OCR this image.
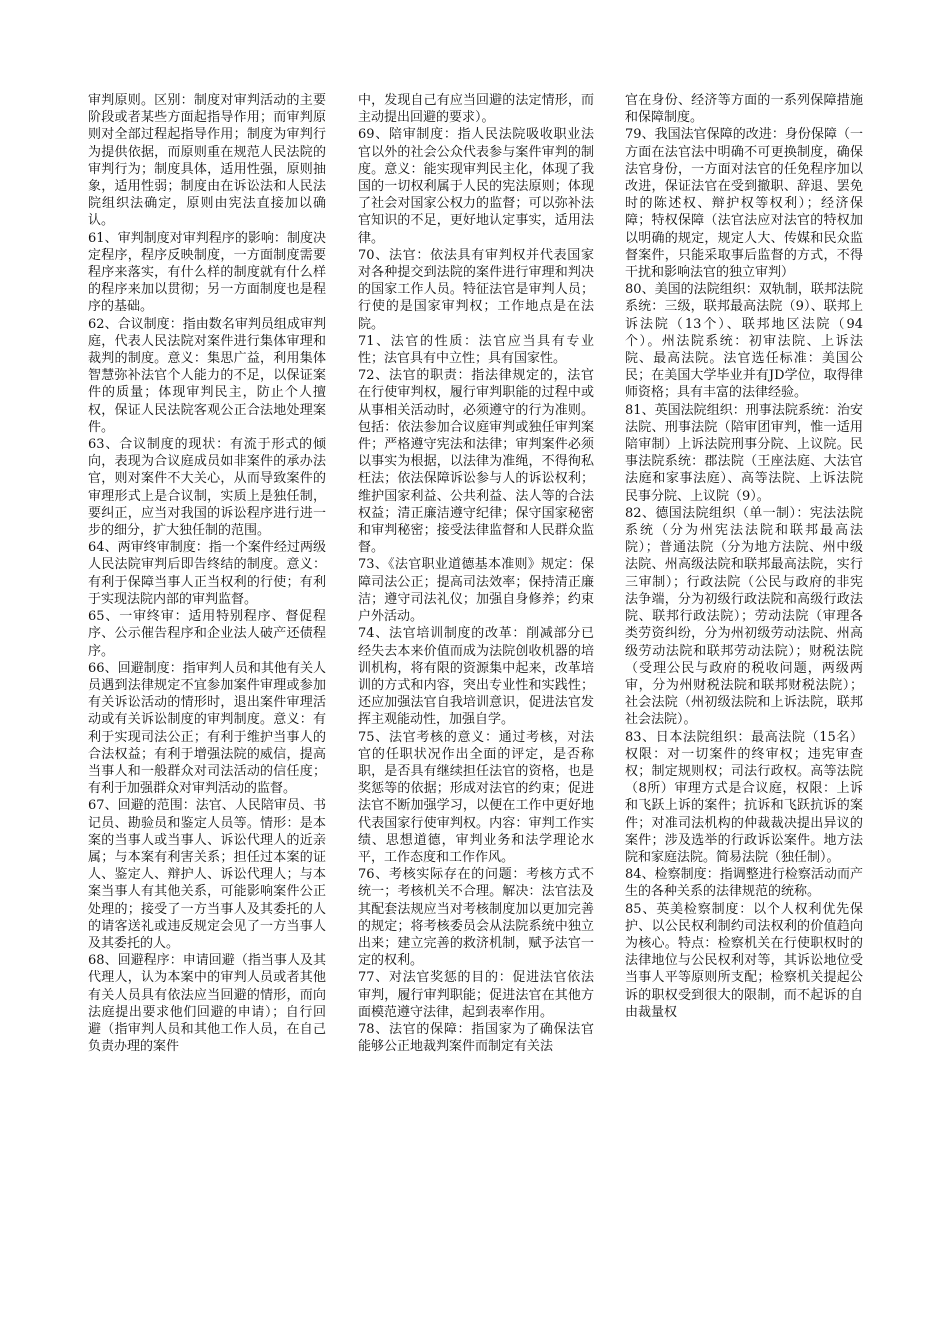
审判原则。区别：制度对审判活动的主要阶段或者某些方面起指导作用；而审判原则对全部过程起指导作用；制度为审判行为提供依据，而原则重在规范人民法院的审判行为；制度具体，适用性强，原则抽象，适用性弱；制度由在诉讼法和人民法院组织法确定，原则由宪法直接加以确认。

61、审判制度对审判程序的影响：制度决定程序，程序反映制度，一方面制度需要程序来落实，有什么样的制度就有什么样的程序来加以贯彻；另一方面制度也是程序的基础。

62、合议制度：指由数名审判员组成审判庭，代表人民法院对案件进行集体审理和裁判的制度。意义：集思广益，利用集体智慧弥补法官个人能力的不足，以保证案件的质量；体现审判民主，防止个人擅权，保证人民法院客观公正合法地处理案件。

63、合议制度的现状：有流于形式的倾向，表现为合议庭成员如非案件的承办法官，则对案件不大关心，从而导致案件的审理形式上是合议制，实质上是独任制，要纠正，应当对我国的诉讼程序进行进一步的细分，扩大独任制的范围。

64、两审终审制度：指一个案件经过两级人民法院审判后即告终结的制度。意义：有利于保障当事人正当权利的行使；有利于实现法院内部的审判监督。

65、一审终审：适用特别程序、督促程序、公示催告程序和企业法人破产还债程序。

66、回避制度：指审判人员和其他有关人员遇到法律规定不宜参加案件审理或参加有关诉讼活动的情形时，退出案件审理活动或有关诉讼制度的审判制度。意义：有利于实现司法公正；有利于维护当事人的合法权益；有利于增强法院的威信，提高当事人和一般群众对司法活动的信任度；有利于加强群众对审判活动的监督。

67、回避的范围：法官、人民陪审员、书记员、勘验员和鉴定人员等。情形：是本案的当事人或当事人、诉讼代理人的近亲属；与本案有利害关系；担任过本案的证人、鉴定人、辩护人、诉讼代理人；与本案当事人有其他关系，可能影响案件公正处理的；接受了一方当事人及其委托的人的请客送礼或违反规定会见了一方当事人及其委托的人。

68、回避程序：申请回避（指当事人及其代理人，认为本案中的审判人员或者其他有关人员具有依法应当回避的情形，而向法庭提出要求他们回避的申请）；自行回避（指审判人员和其他工作人员，在自己负责办理的案件

中，发现自己有应当回避的法定情形，而主动提出回避的要求）。

69、陪审制度：指人民法院吸收职业法官以外的社会公众代表参与案件审判的制度。意义：能实现审判民主化，体现了我国的一切权利属于人民的宪法原则；体现了社会对国家公权力的监督；可以弥补法官知识的不足，更好地认定事实，适用法律。

70、法官：依法具有审判权并代表国家对各种提交到法院的案件进行审理和判决的国家工作人员。特征法官是审判人员；行使的是国家审判权；工作地点是在法院。

71、法官的性质：法官应当具有专业性；法官具有中立性；具有国家性。

72、法官的职责：指法律规定的，法官在行使审判权，履行审判职能的过程中或从事相关活动时，必须遵守的行为准则。包括：依法参加合议庭审判或独任审判案件；严格遵守宪法和法律；审判案件必须以事实为根据，以法律为准绳，不得徇私枉法；依法保障诉讼参与人的诉讼权利；维护国家利益、公共利益、法人等的合法权益；清正廉洁遵守纪律；保守国家秘密和审判秘密；接受法律监督和人民群众监督。

73、《法官职业道德基本准则》规定：保障司法公正；提高司法效率；保持清正廉洁；遵守司法礼仪；加强自身修养；约束户外活动。

74、法官培训制度的改革：削减部分已经失去本来价值而成为法院创收机器的培训机构，将有限的资源集中起来，改革培训的方式和内容，突出专业性和实践性；还应加强法官自我培训意识，促进法官发挥主观能动性，加强自学。

75、法官考核的意义：通过考核，对法官的任职状况作出全面的评定，是否称职，是否具有继续担任法官的资格，也是奖惩等的依据；形成对法官的约束；促进法官不断加强学习，以便在工作中更好地代表国家行使审判权。内容：审判工作实绩、思想道德，审判业务和法学理论水平，工作态度和工作作风。

76、考核实际存在的问题：考核方式不统一；考核机关不合理。解决：法官法及其配套法规应当对考核制度加以更加完善的规定；将考核委员会从法院系统中独立出来；建立完善的救济机制，赋予法官一定的权利。

77、对法官奖惩的目的：促进法官依法审判，履行审判职能；促进法官在其他方面模范遵守法律，起到表率作用。

78、法官的保障：指国家为了确保法官能够公正地裁判案件而制定有关法

官在身份、经济等方面的一系列保障措施和保障制度。

79、我国法官保障的改进：身份保障（一方面在法官法中明确不可更换制度，确保法官身份，一方面对法官的任免程序加以改进，保证法官在受到撤职、辞退、罢免时的陈述权、辩护权等权利）；经济保障；特权保障（法官法应对法官的特权加以明确的规定，规定人大、传媒和民众监督案件，只能采取事后监督的方式，不得干扰和影响法官的独立审判）

80、美国的法院组织：双轨制，联邦法院系统：三级，联邦最高法院（9）、联邦上诉法院（13个）、联邦地区法院（94个）。州法院系统：初审法院、上诉法院、最高法院。法官选任标准：美国公民；在美国大学毕业并有JD学位，取得律师资格；具有丰富的法律经验。

81、英国法院组织：刑事法院系统：治安法院、刑事法院（陪审团审判，惟一适用陪审制）上诉法院刑事分院、上议院。民事法院系统：郡法院（王座法庭、大法官法庭和家事法庭）、高等法院、上诉法院民事分院、上议院（9）。

82、德国法院组织（单一制）：宪法法院系统（分为州宪法法院和联邦最高法院）；普通法院（分为地方法院、州中级法院、州高级法院和联邦最高法院，实行三审制）；行政法院（公民与政府的非宪法争端，分为初级行政法院和高级行政法院、联邦行政法院）；劳动法院（审理各类劳资纠纷，分为州初级劳动法院、州高级劳动法院和联邦劳动法院）；财税法院（受理公民与政府的税收问题，两级两审，分为州财税法院和联邦财税法院）；社会法院（州初级法院和上诉法院，联邦社会法院）。

83、日本法院组织：最高法院（15名）权限：对一切案件的终审权；违宪审查权；制定规则权；司法行政权。高等法院（8所）审理方式是合议庭，权限：上诉和飞跃上诉的案件；抗诉和飞跃抗诉的案件；对准司法机构的仲裁裁决提出异议的案件；涉及选举的行政诉讼案件。地方法院和家庭法院。简易法院（独任制）。

84、检察制度：指调整进行检察活动而产生的各种关系的法律规范的统称。

85、英美检察制度：以个人权利优先保护、以公民权利制约司法权利的价值趋向为核心。特点：检察机关在行使职权时的法律地位与公民权利对等，其诉讼地位受当事人平等原则所支配；检察机关提起公诉的职权受到很大的限制，而不起诉的自由裁量权
